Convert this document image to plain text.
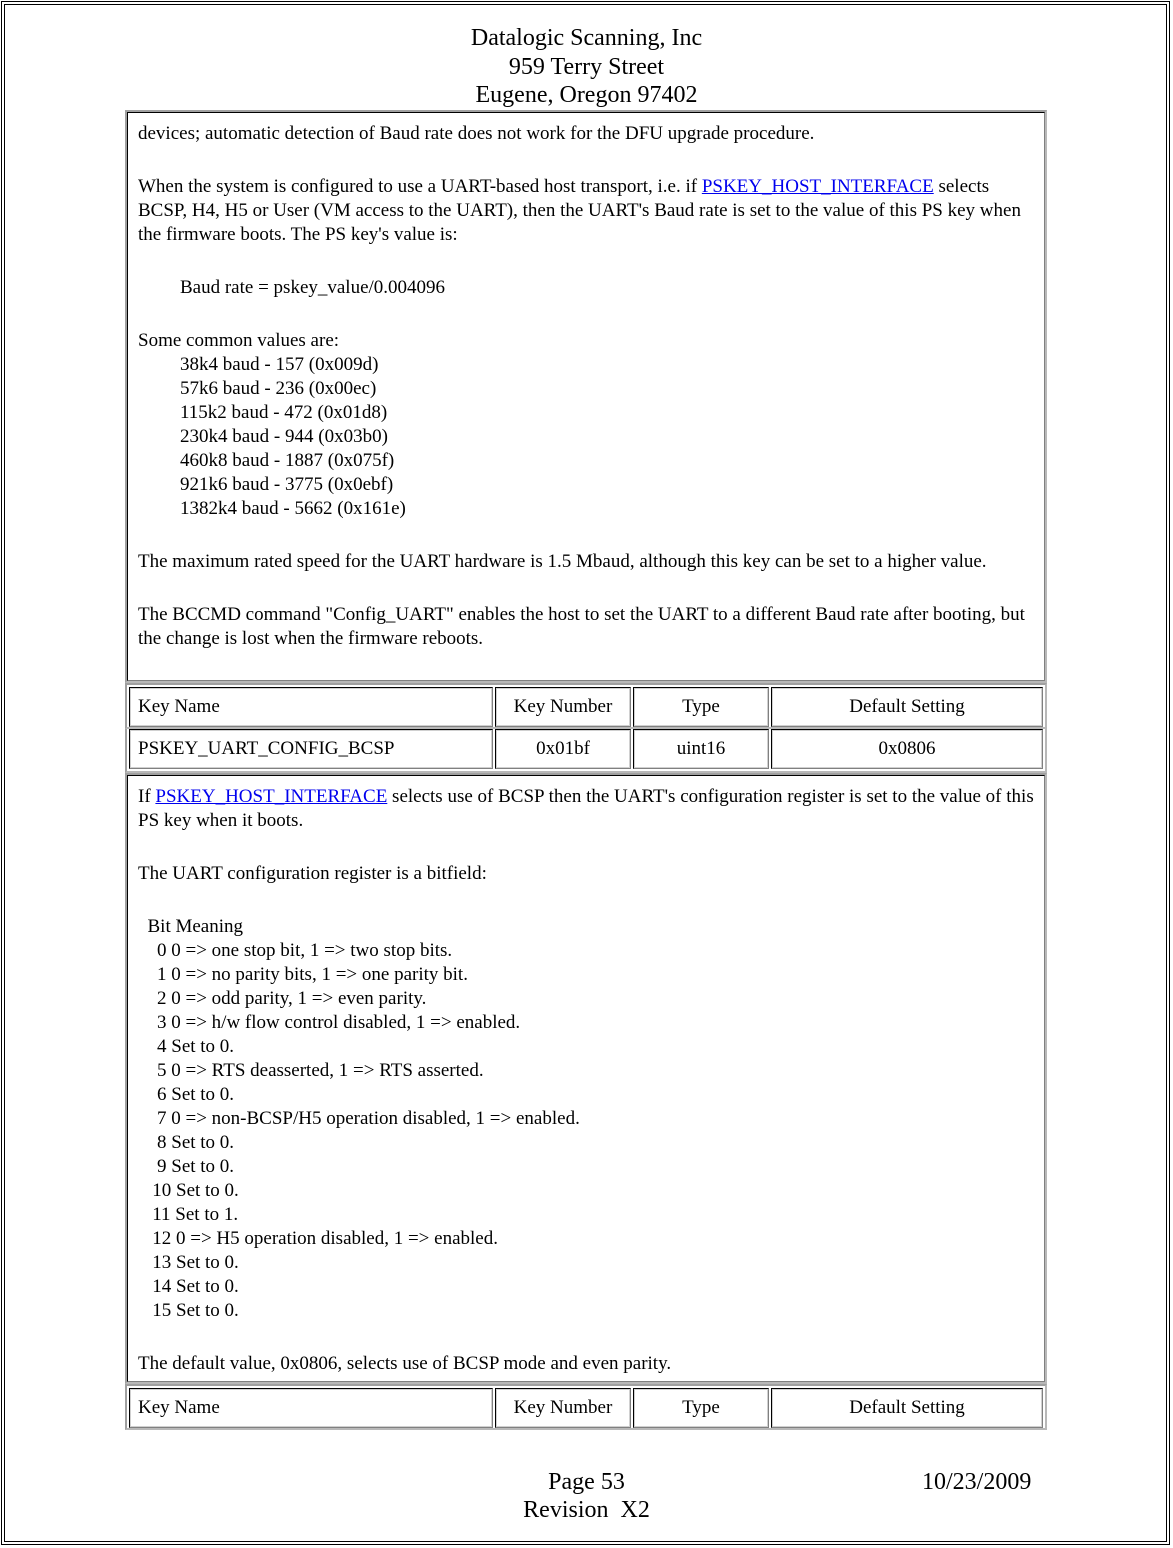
Datalogic Scanning, Inc
959 Terry Street
Eugene, Oregon 97402

devices; automatic detection of Baud rate does not work for the DFU upgrade procedure.

When the system is configured to use a UART-based host transport, i.e. if PSKEY_HOST_INTERFACE selects BCSP, H4, H5 or User (VM access to the UART), then the UART's Baud rate is set to the value of this PS key when the firmware boots. The PS key's value is:

Baud rate = pskey_value/0.004096

Some common values are:

38k4 baud - 157 (0x009d)

57k6 baud - 236 (0x00ec)

115k2 baud - 472 (0x01d8)

230k4 baud - 944 (0x03b0)

460k8 baud - 1887 (0x075f)

921k6 baud - 3775 (0x0ebf)

1382k4 baud - 5662 (0x161e)

The maximum rated speed for the UART hardware is 1.5 Mbaud, although this key can be set to a higher value.

The BCCMD command "Config_UART" enables the host to set the UART to a different Baud rate after booting, but the change is lost when the firmware reboots.

Key Name	Key Number	Type	Default Setting
PSKEY_UART_CONFIG_BCSP	0x01bf	uint16	0x0806

If PSKEY_HOST_INTERFACE selects use of BCSP then the UART's configuration register is set to the value of this PS key when it boots.

The UART configuration register is a bitfield:

Bit Meaning
0 0 => one stop bit, 1 => two stop bits.
1 0 => no parity bits, 1 => one parity bit.
2 0 => odd parity, 1 => even parity.
3 0 => h/w flow control disabled, 1 => enabled.
4 Set to 0.
5 0 => RTS deasserted, 1 => RTS asserted.
6 Set to 0.
7 0 => non-BCSP/H5 operation disabled, 1 => enabled.
8 Set to 0.
9 Set to 0.
10 Set to 0.
11 Set to 1.
12 0 => H5 operation disabled, 1 => enabled.
13 Set to 0.
14 Set to 0.
15 Set to 0.

The default value, 0x0806, selects use of BCSP mode and even parity.

Key Name	Key Number	Type	Default Setting
Page 53	10/23/2009
Revision  X2
